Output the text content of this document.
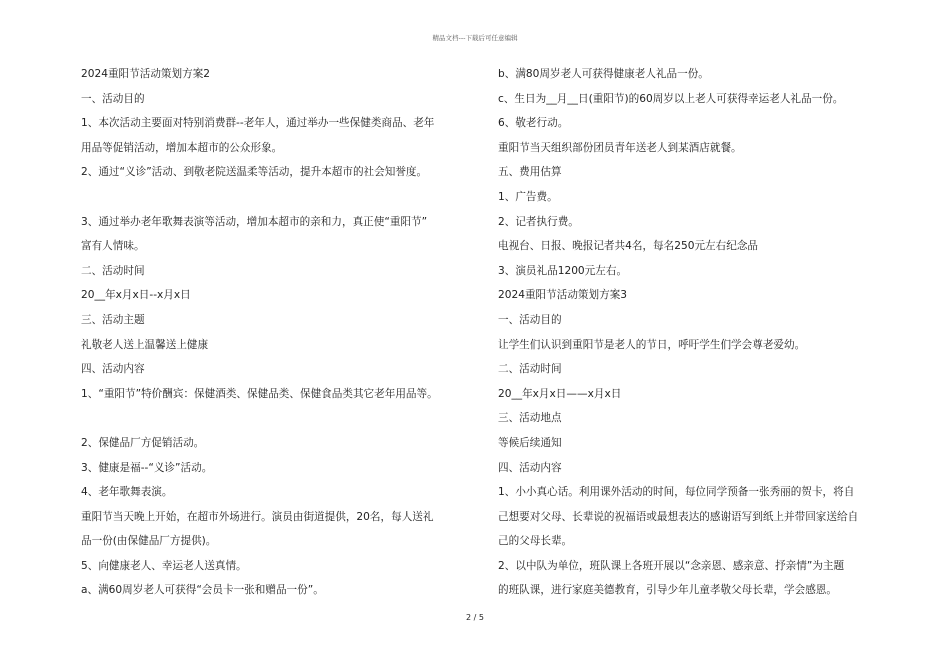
精品文档---下载后可任意编辑
2024重阳节活动策划方案2
一、活动目的
1、本次活动主要面对特别消费群--老年人，通过举办一些保健类商品、老年
用品等促销活动，增加本超市的公众形象。
2、通过“义诊”活动、到敬老院送温柔等活动，提升本超市的社会知誉度。
3、通过举办老年歌舞表演等活动，增加本超市的亲和力，真正使“重阳节”
富有人情味。
二、活动时间
20__年x月x日--x月x日
三、活动主题
礼敬老人送上温馨送上健康
四、活动内容
1、“重阳节”特价酬宾：保健酒类、保健品类、保健食品类其它老年用品等。
2、保健品厂方促销活动。
3、健康是福--“义诊”活动。
4、老年歌舞表演。
重阳节当天晚上开始，在超市外场进行。演员由街道提供，20名，每人送礼
品一份(由保健品厂方提供)。
5、向健康老人、幸运老人送真情。
a、满60周岁老人可获得“会员卡一张和赠品一份”。
b、满80周岁老人可获得健康老人礼品一份。
c、生日为__月__日(重阳节)的60周岁以上老人可获得幸运老人礼品一份。
6、敬老行动。
重阳节当天组织部份团员青年送老人到某酒店就餐。
五、费用估算
1、广告费。
2、记者执行费。
电视台、日报、晚报记者共4名，每名250元左右纪念品
3、演员礼品1200元左右。
2024重阳节活动策划方案3
一、活动目的
让学生们认识到重阳节是老人的节日，呼吁学生们学会尊老爱幼。
二、活动时间
20__年x月x日——x月x日
三、活动地点
等候后续通知
四、活动内容
1、小小真心话。利用课外活动的时间，每位同学预备一张秀丽的贺卡，将自
己想要对父母、长辈说的祝福语或最想表达的感谢语写到纸上并带回家送给自
己的父母长辈。
2、以中队为单位，班队课上各班开展以“念亲恩、感亲意、抒亲情”为主题
的班队课，进行家庭美德教育，引导少年儿童孝敬父母长辈，学会感恩。
2 / 5
